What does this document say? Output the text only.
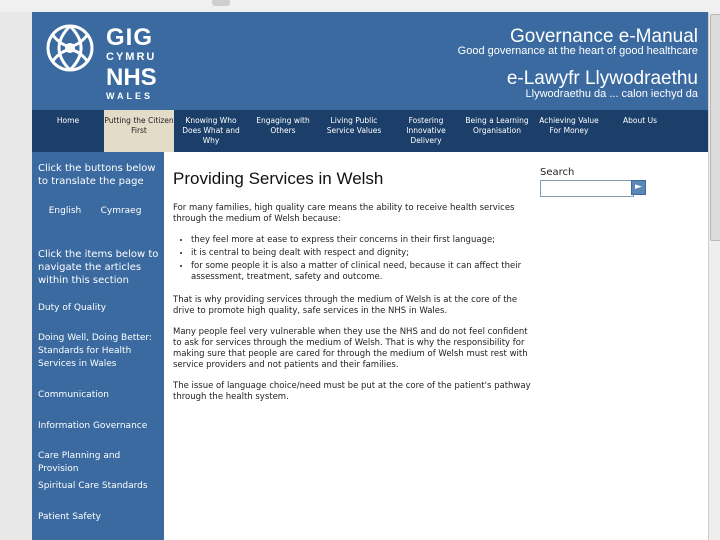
GIG
CYMRU
NHS
WALES
Governance e-Manual
Good governance at the heart of good healthcare
e-Lawyfr Llywodraethu
Llywodraethu da ... calon iechyd da
Home	Putting the Citizen First
Knowing Who Does What and Why
Engaging with Others
Living Public Service Values
Fostering Innovative Delivery
Being a Learning Organisation
Achieving Value For Money
About Us
Click the buttons below to translate the page
English	Cymraeg
Click the items below to navigate the articles within this section
Duty of Quality
Doing Well, Doing Better: Standards for Health Services in Wales
Communication
Information Governance
Care Planning and Provision
Spiritual Care Standards
Patient Safety
Providing Services in Welsh

For many families, high quality care means the ability to receive health services through the medium of Welsh because:

• they feel more at ease to express their concerns in their first language;
• it is central to being dealt with respect and dignity;
• for some people it is also a matter of clinical need, because it can affect their assessment, treatment, safety and outcome.

That is why providing services through the medium of Welsh is at the core of the drive to promote high quality, safe services in the NHS in Wales.

Many people feel very vulnerable when they use the NHS and do not feel confident to ask for services through the medium of Welsh. That is why the responsibility for making sure that people are cared for through the medium of Welsh must rest with service providers and not patients and their families.

The issue of language choice/need must be put at the core of the patient's pathway through the health system.

Search
►
